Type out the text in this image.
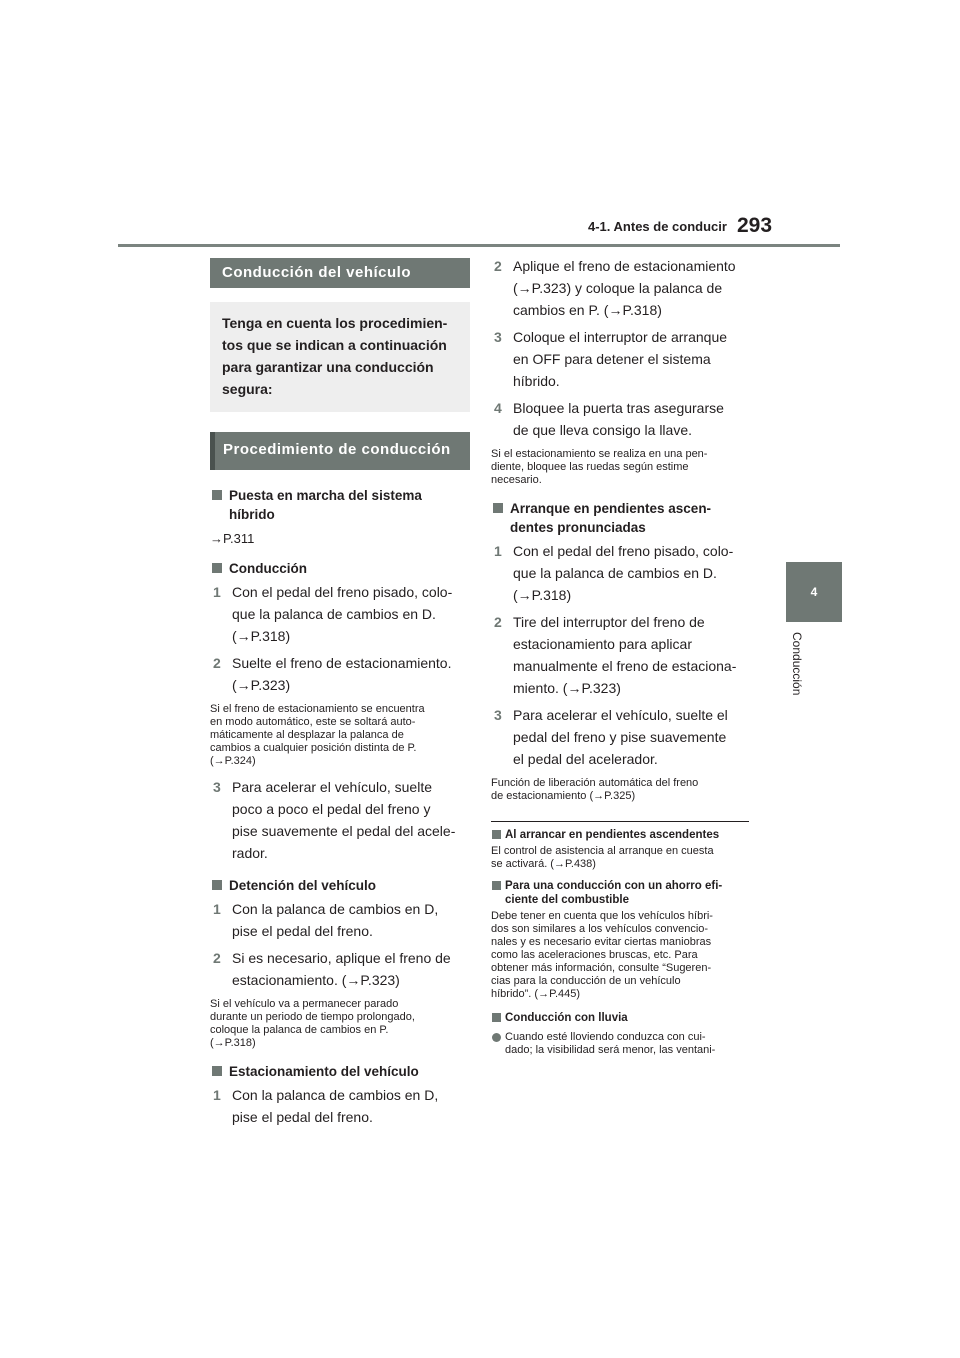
4-1. Antes de conducir 293
4
Conducción
Conducción del vehículo
Tenga en cuenta los procedimien-
tos que se indican a continuación
para garantizar una conducción
segura:
Procedimiento de conducción
Puesta en marcha del sistema
híbrido
→P.311
Conducción
1 Con el pedal del freno pisado, colo-
que la palanca de cambios en D.
(→P.318)
2 Suelte el freno de estacionamiento.
(→P.323)
Si el freno de estacionamiento se encuentra
en modo automático, este se soltará auto-
máticamente al desplazar la palanca de
cambios a cualquier posición distinta de P.
(→P.324)
3 Para acelerar el vehículo, suelte
poco a poco el pedal del freno y
pise suavemente el pedal del acele-
rador.
Detención del vehículo
1 Con la palanca de cambios en D,
pise el pedal del freno.
2 Si es necesario, aplique el freno de
estacionamiento. (→P.323)
Si el vehículo va a permanecer parado
durante un periodo de tiempo prolongado,
coloque la palanca de cambios en P.
(→P.318)
Estacionamiento del vehículo
1 Con la palanca de cambios en D,
pise el pedal del freno.
2 Aplique el freno de estacionamiento
(→P.323) y coloque la palanca de
cambios en P. (→P.318)
3 Coloque el interruptor de arranque
en OFF para detener el sistema
híbrido.
4 Bloquee la puerta tras asegurarse
de que lleva consigo la llave.
Si el estacionamiento se realiza en una pen-
diente, bloquee las ruedas según estime
necesario.
Arranque en pendientes ascen-
dentes pronunciadas
1 Con el pedal del freno pisado, colo-
que la palanca de cambios en D.
(→P.318)
2 Tire del interruptor del freno de
estacionamiento para aplicar
manualmente el freno de estaciona-
miento. (→P.323)
3 Para acelerar el vehículo, suelte el
pedal del freno y pise suavemente
el pedal del acelerador.
Función de liberación automática del freno
de estacionamiento (→P.325)
Al arrancar en pendientes ascendentes
El control de asistencia al arranque en cuesta
se activará. (→P.438)
Para una conducción con un ahorro efi-
ciente del combustible
Debe tener en cuenta que los vehículos híbri-
dos son similares a los vehículos convencio-
nales y es necesario evitar ciertas maniobras
como las aceleraciones bruscas, etc. Para
obtener más información, consulte “Sugeren-
cias para la conducción de un vehículo
híbrido”. (→P.445)
Conducción con lluvia
Cuando esté lloviendo conduzca con cui-
dado; la visibilidad será menor, las ventani-
